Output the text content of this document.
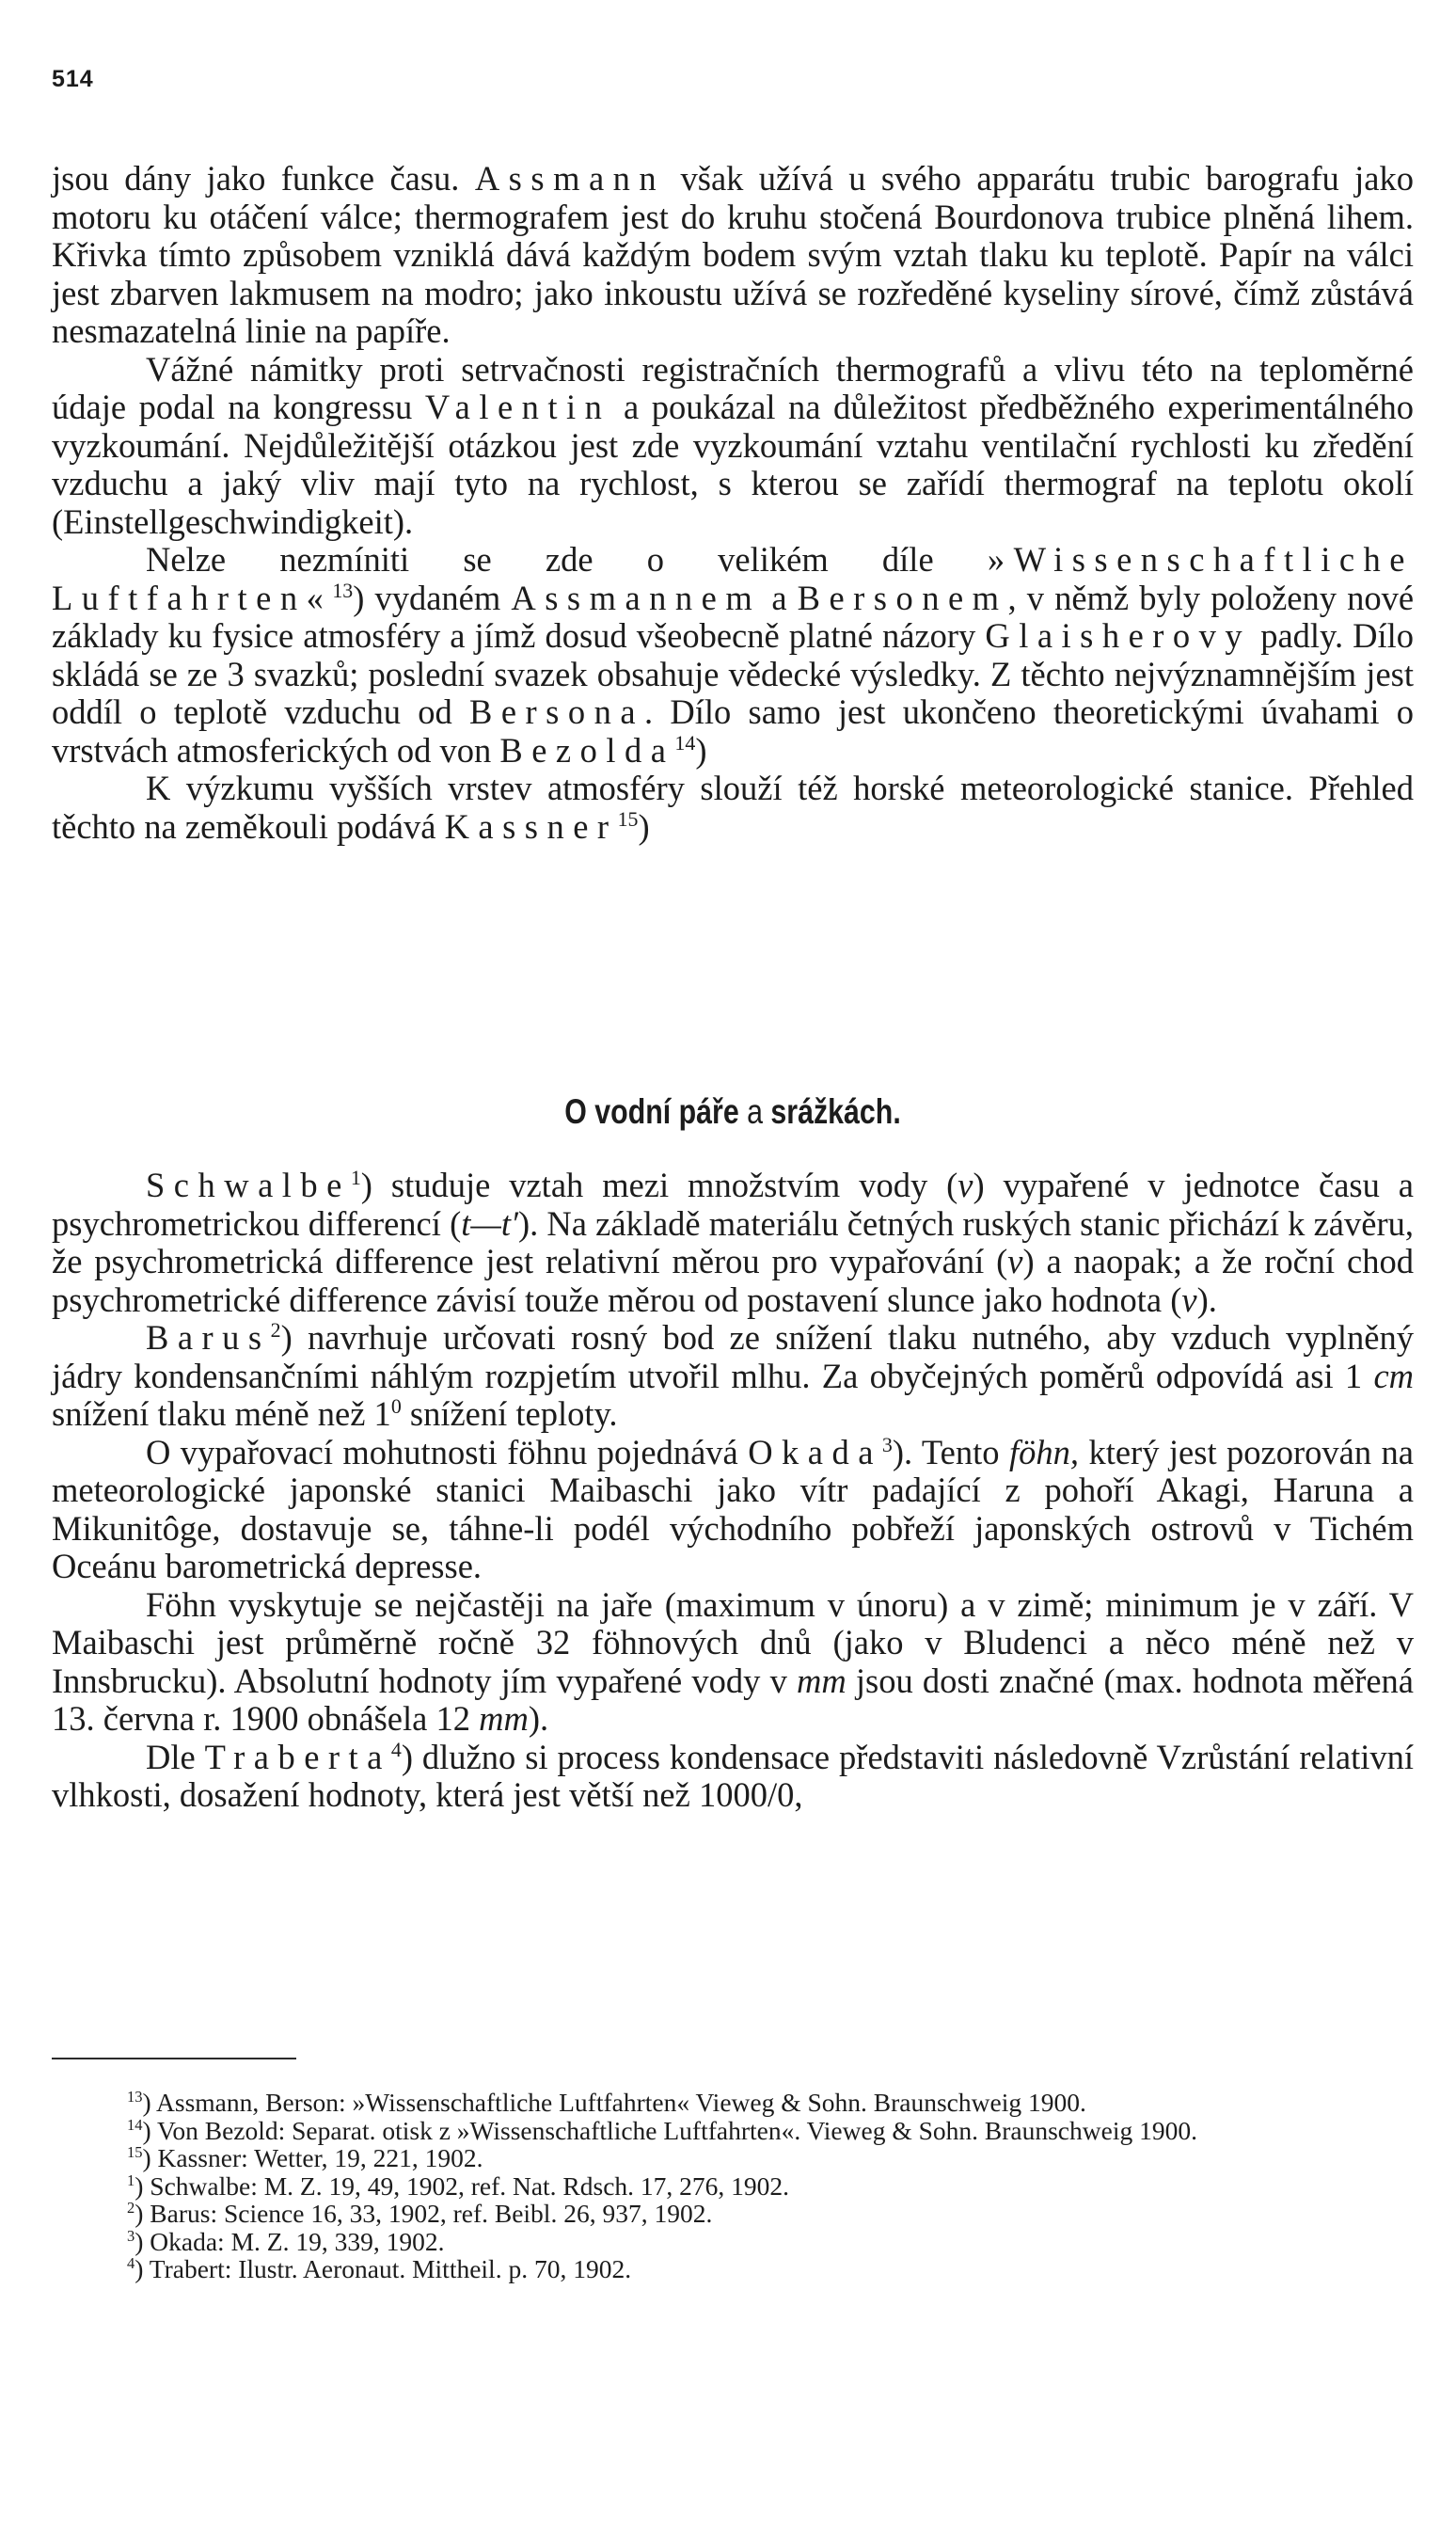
514

jsou dány jako funkce času. Assmann však užívá u svého apparátu trubic barografu jako motoru ku otáčení válce; thermografem jest do kruhu stočená Bourdonova trubice plněná lihem. Křivka tímto způsobem vzniklá dává každým bodem svým vztah tlaku ku teplotě. Papír na válci jest zbarven lakmusem na modro; jako inkoustu užívá se rozředěné kyseliny sírové, čímž zůstává nesmazatelná linie na papíře.

Vážné námitky proti setrvačnosti registračních thermografů a vlivu této na teploměrné údaje podal na kongressu Valentin a poukázal na důležitost předběžného experimentálného vyzkoumání. Nejdůležitější otázkou jest zde vyzkoumání vztahu ventilační rychlosti ku zředění vzduchu a jaký vliv mají tyto na rychlost, s kterou se zařídí thermograf na teplotu okolí (Einstellgeschwindigkeit).

Nelze nezmíniti se zde o velikém díle »Wissenschaftliche Luftfahrten«$^{13}$) vydaném Assmannem a Bersonem, v němž byly položeny nové základy ku fysice atmosféry a jímž dosud všeobecně platné názory Glaisherovy padly. Dílo skládá se ze 3 svazků; poslední svazek obsahuje vědecké výsledky. Z těchto nejvýznamnějším jest oddíl o teplotě vzduchu od Bersona. Dílo samo jest ukončeno theoretickými úvahami o vrstvách atmosferických od von Bezolda$^{14}$)

K výzkumu vyšších vrstev atmosféry slouží též horské meteorologické stanice. Přehled těchto na zeměkouli podává Kassner$^{15}$)

O vodní páře a srážkách.

Schwalbe$^1$) studuje vztah mezi množstvím vody (v) vypařené v jednotce času a psychrometrickou differencí (t—t′). Na základě materiálu četných ruských stanic přichází k závěru, že psychrometrická difference jest relativní měrou pro vypařování (v) a naopak; a že roční chod psychrometrické difference závisí touže měrou od postavení slunce jako hodnota (v).

Barus$^2$) navrhuje určovati rosný bod ze snížení tlaku nutného, aby vzduch vyplněný jádry kondensančními náhlým rozpjetím utvořil mlhu. Za obyčejných poměrů odpovídá asi 1 cm snížení tlaku méně než $1^0$ snížení teploty.

O vypařovací mohutnosti föhnu pojednává Okada$^3$). Tento föhn, který jest pozorován na meteorologické japonské stanici Maibaschi jako vítr padající z pohoří Akagi, Haruna a Mikunitôge, dostavuje se, táhne-li podél východního pobřeží japonských ostrovů v Tichém Oceánu barometrická depresse.

Föhn vyskytuje se nejčastěji na jaře (maximum v únoru) a v zimě; minimum je v září. V Maibaschi jest průměrně ročně 32 föhnových dnů (jako v Bludenci a něco méně než v Innsbrucku). Absolutní hodnoty jím vypařené vody v mm jsou dosti značné (max. hodnota měřená 13. června r. 1900 obnášela 12 mm).

Dle Traberta$^4$) dlužno si process kondensace představiti následovně Vzrůstání relativní vlhkosti, dosažení hodnoty, která jest větší než 1000/0,

$^{13}$) Assmann, Berson: »Wissenschaftliche Luftfahrten« Vieweg & Sohn. Braunschweig 1900.

$^{14}$) Von Bezold: Separat. otisk z »Wissenschaftliche Luftfahrten«. Vieweg & Sohn. Braunschweig 1900.

$^{15}$) Kassner: Wetter, 19, 221, 1902.

$^1$) Schwalbe: M. Z. 19, 49, 1902, ref. Nat. Rdsch. 17, 276, 1902.

$^2$) Barus: Science 16, 33, 1902, ref. Beibl. 26, 937, 1902.

$^3$) Okada: M. Z. 19, 339, 1902.

$^4$) Trabert: Ilustr. Aeronaut. Mittheil. p. 70, 1902.
